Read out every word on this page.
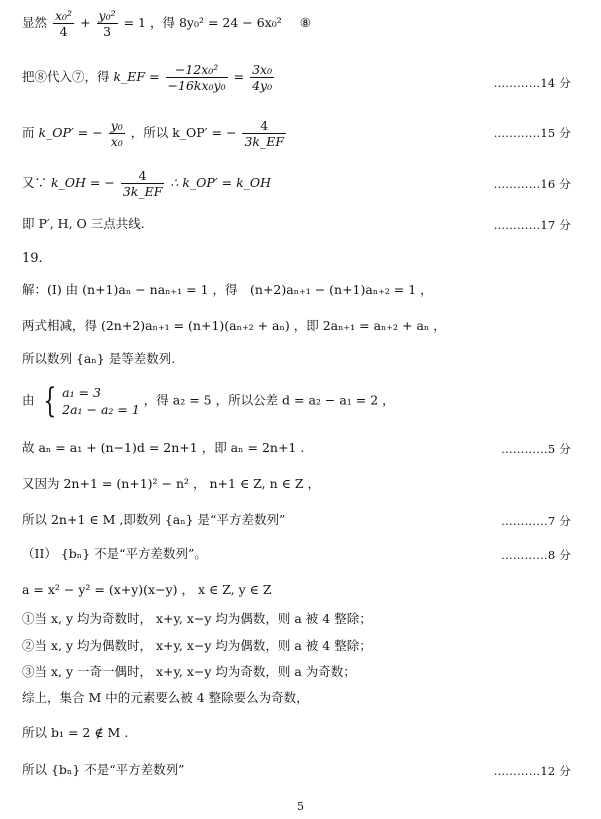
显然 $\frac{\text{x₀²}}{4} + \frac{\text{y₀²}}{3} = 1$ ，得 8y₀² = 24 − 6x₀² ⑧
把⑧代入⑦，得 k_EF = $\frac{\text{−12x₀²}}{\text{−16kx₀y₀}} = \frac{\text{3x₀}}{\text{4y₀}}$	…………14 分
而 k_OP′ = − $\frac{\text{y₀}}{\text{x₀}}$ ，所以 k_OP′ = − $\frac{4}{3k\_EF}$	…………15 分
又∵ k_OH = − $\frac{4}{3k\_EF}$ ∴ k_OP′ = k_OH	…………16 分
即 P′, H, O 三点共线.	…………17 分
19.
解：(I) 由 (n+1)aₙ − naₙ₊₁ = 1 ，得　(n+2)aₙ₊₁ − (n+1)aₙ₊₂ = 1 ，
两式相减，得 (2n+2)aₙ₊₁ = (n+1)(aₙ₊₂ + aₙ) ，即 2aₙ₊₁ = aₙ₊₂ + aₙ ，
所以数列 {aₙ} 是等差数列.
由 { a₁ = 3
2a₁ − a₂ = 1
，得 a₂ = 5 ，所以公差 d = a₂ − a₁ = 2 ，
故 aₙ = a₁ + (n−1)d = 2n+1 ，即 aₙ = 2n+1 .	…………5 分
又因为 2n+1 = (n+1)² − n² ， n+1 ∈ Z, n ∈ Z ，
所以 2n+1 ∈ M ,即数列 {aₙ} 是“平方差数列”	…………7 分
（II） {bₙ} 不是“平方差数列”。	…………8 分
a = x² − y² = (x+y)(x−y) ， x ∈ Z, y ∈ Z
①当 x, y 均为奇数时， x+y, x−y 均为偶数，则 a 被 4 整除；
②当 x, y 均为偶数时， x+y, x−y 均为偶数，则 a 被 4 整除；
③当 x, y 一奇一偶时， x+y, x−y 均为奇数，则 a 为奇数；
综上，集合 M 中的元素要么被 4 整除要么为奇数，
所以 b₁ = 2 ∉ M .
所以 {bₙ} 不是“平方差数列”	…………12 分
5
